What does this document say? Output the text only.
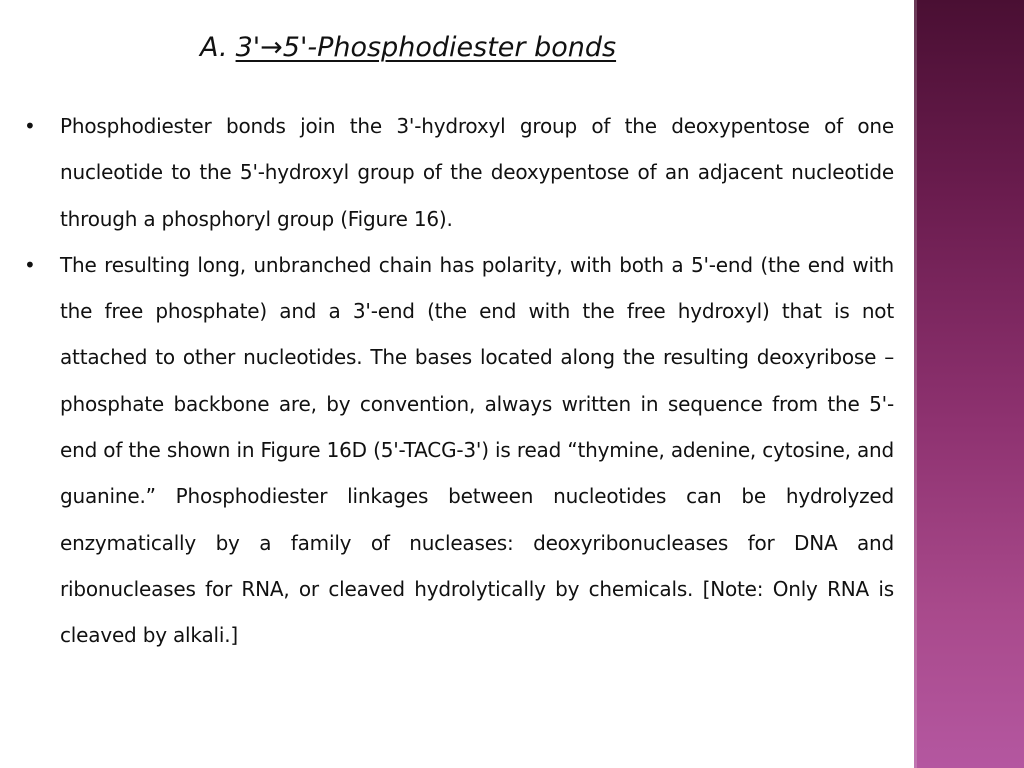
A. 3'→5'-Phosphodiester bonds
•	Phosphodiester bonds join the 3'-hydroxyl group of the deoxypentose of one nucleotide to the 5'-hydroxyl group of the deoxypentose of an adjacent nucleotide through a phosphoryl group (Figure 16).
•	The resulting long, unbranched chain has polarity, with both a 5'-end (the end with the free phosphate) and a 3'-end (the end with the free hydroxyl) that is not attached to other nucleotides. The bases located along the resulting deoxyribose –phosphate backbone are, by convention, always written in sequence from the 5'-end of the shown in Figure 16D (5'-TACG-3') is read “thymine, adenine, cytosine, and guanine.” Phosphodiester linkages between nucleotides can be hydrolyzed enzymatically by a family of nucleases: deoxyribonucleases for DNA and ribonucleases for RNA, or cleaved hydrolytically by chemicals. [Note: Only RNA is cleaved by alkali.]
